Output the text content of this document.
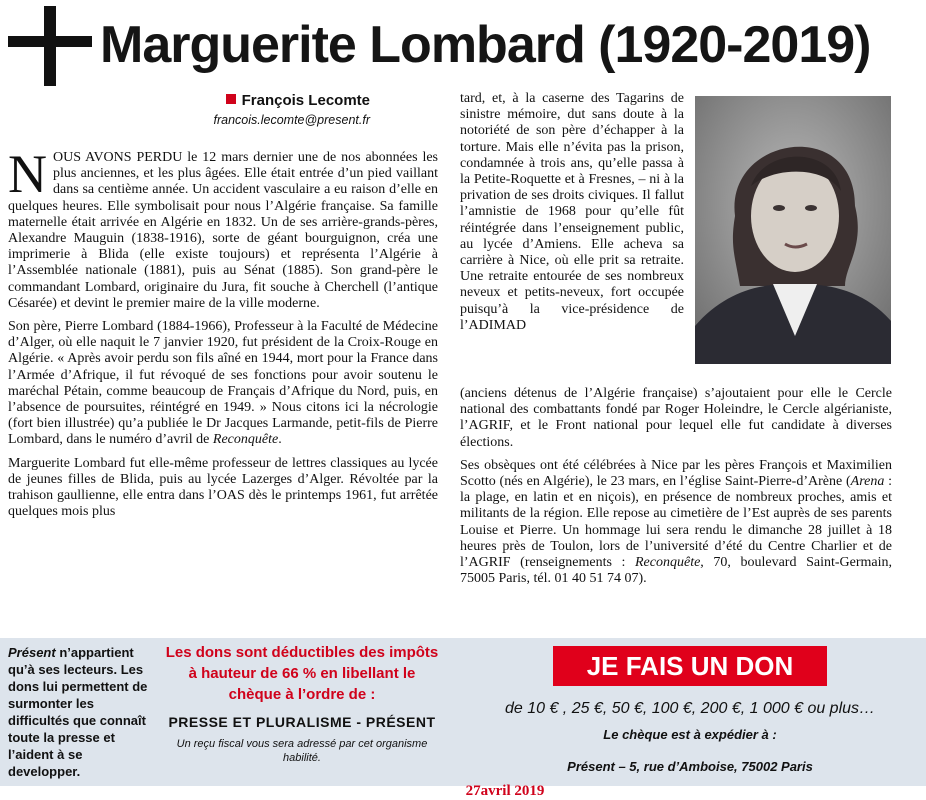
Marguerite Lombard (1920-2019)
François Lecomte
francois.lecomte@present.fr

NOUS AVONS PERDU le 12 mars dernier une de nos abonnées les plus anciennes, et les plus âgées. Elle était entrée d’un pied vaillant dans sa centième année. Un accident vasculaire a eu raison d’elle en quelques heures. Elle symbolisait pour nous l’Algérie française. Sa famille maternelle était arrivée en Algérie en 1832. Un de ses arrière-grands-pères, Alexandre Mauguin (1838-1916), sorte de géant bourguignon, créa une imprimerie à Blida (elle existe toujours) et représenta l’Algérie à l’Assemblée nationale (1881), puis au Sénat (1885). Son grand-père le commandant Lombard, originaire du Jura, fit souche à Cherchell (l’antique Césarée) et devint le premier maire de la ville moderne.

Son père, Pierre Lombard (1884-1966), Professeur à la Faculté de Médecine d’Alger, où elle naquit le 7 janvier 1920, fut président de la Croix-Rouge en Algérie. « Après avoir perdu son fils aîné en 1944, mort pour la France dans l’Armée d’Afrique, il fut révoqué de ses fonctions pour avoir soutenu le maréchal Pétain, comme beaucoup de Français d’Afrique du Nord, puis, en l’absence de poursuites, réintégré en 1949. » Nous citons ici la nécrologie (fort bien illustrée) qu’a publiée le Dr Jacques Larmande, petit-fils de Pierre Lombard, dans le numéro d’avril de Reconquête.

Marguerite Lombard fut elle-même professeur de lettres classiques au lycée de jeunes filles de Blida, puis au lycée Lazerges d’Alger. Révoltée par la trahison gaullienne, elle entra dans l’OAS dès le printemps 1961, fut arrêtée quelques mois plus

tard, et, à la caserne des Tagarins de sinistre mémoire, dut sans doute à la notoriété de son père d’échapper à la torture. Mais elle n’évita pas la prison, condamnée à trois ans, qu’elle passa à la Petite-Roquette et à Fresnes, – ni à la privation de ses droits civiques. Il fallut l’amnistie de 1968 pour qu’elle fût réintégrée dans l’enseignement public, au lycée d’Amiens. Elle acheva sa carrière à Nice, où elle prit sa retraite. Une retraite entourée de ses nombreux neveux et petits-neveux, fort occupée puisqu’à la vice-présidence de l’ADIMAD

(anciens détenus de l’Algérie française) s’ajoutaient pour elle le Cercle national des combattants fondé par Roger Holeindre, le Cercle algérianiste, l’AGRIF, et le Front national pour lequel elle fut candidate à diverses élections.

Ses obsèques ont été célébrées à Nice par les pères François et Maximilien Scotto (nés en Algérie), le 23 mars, en l’église Saint-Pierre-d’Arène (Arena : la plage, en latin et en niçois), en présence de nombreux proches, amis et militants de la région. Elle repose au cimetière de l’Est auprès de ses parents Louise et Pierre. Un hommage lui sera rendu le dimanche 28 juillet à 18 heures près de Toulon, lors de l’université d’été du Centre Charlier et de l’AGRIF (renseignements : Reconquête, 70, boulevard Saint-Germain, 75005 Paris, tél. 01 40 51 74 07).

Présent n’appartient qu’à ses lecteurs. Les dons lui permettent de surmonter les difficultés que connaît toute la presse et l’aident à se developper.
Les dons sont déductibles des impôts à hauteur de 66 % en libellant le chèque à l’ordre de :
PRESSE ET PLURALISME - PRÉSENT
Un reçu fiscal vous sera adressé par cet organisme habilité.
JE FAIS UN DON
de 10 € , 25 €, 50 €, 100 €, 200 €, 1 000 € ou plus…
Le chèque est à expédier à :
Présent – 5, rue d’Amboise, 75002 Paris
27avril 2019
